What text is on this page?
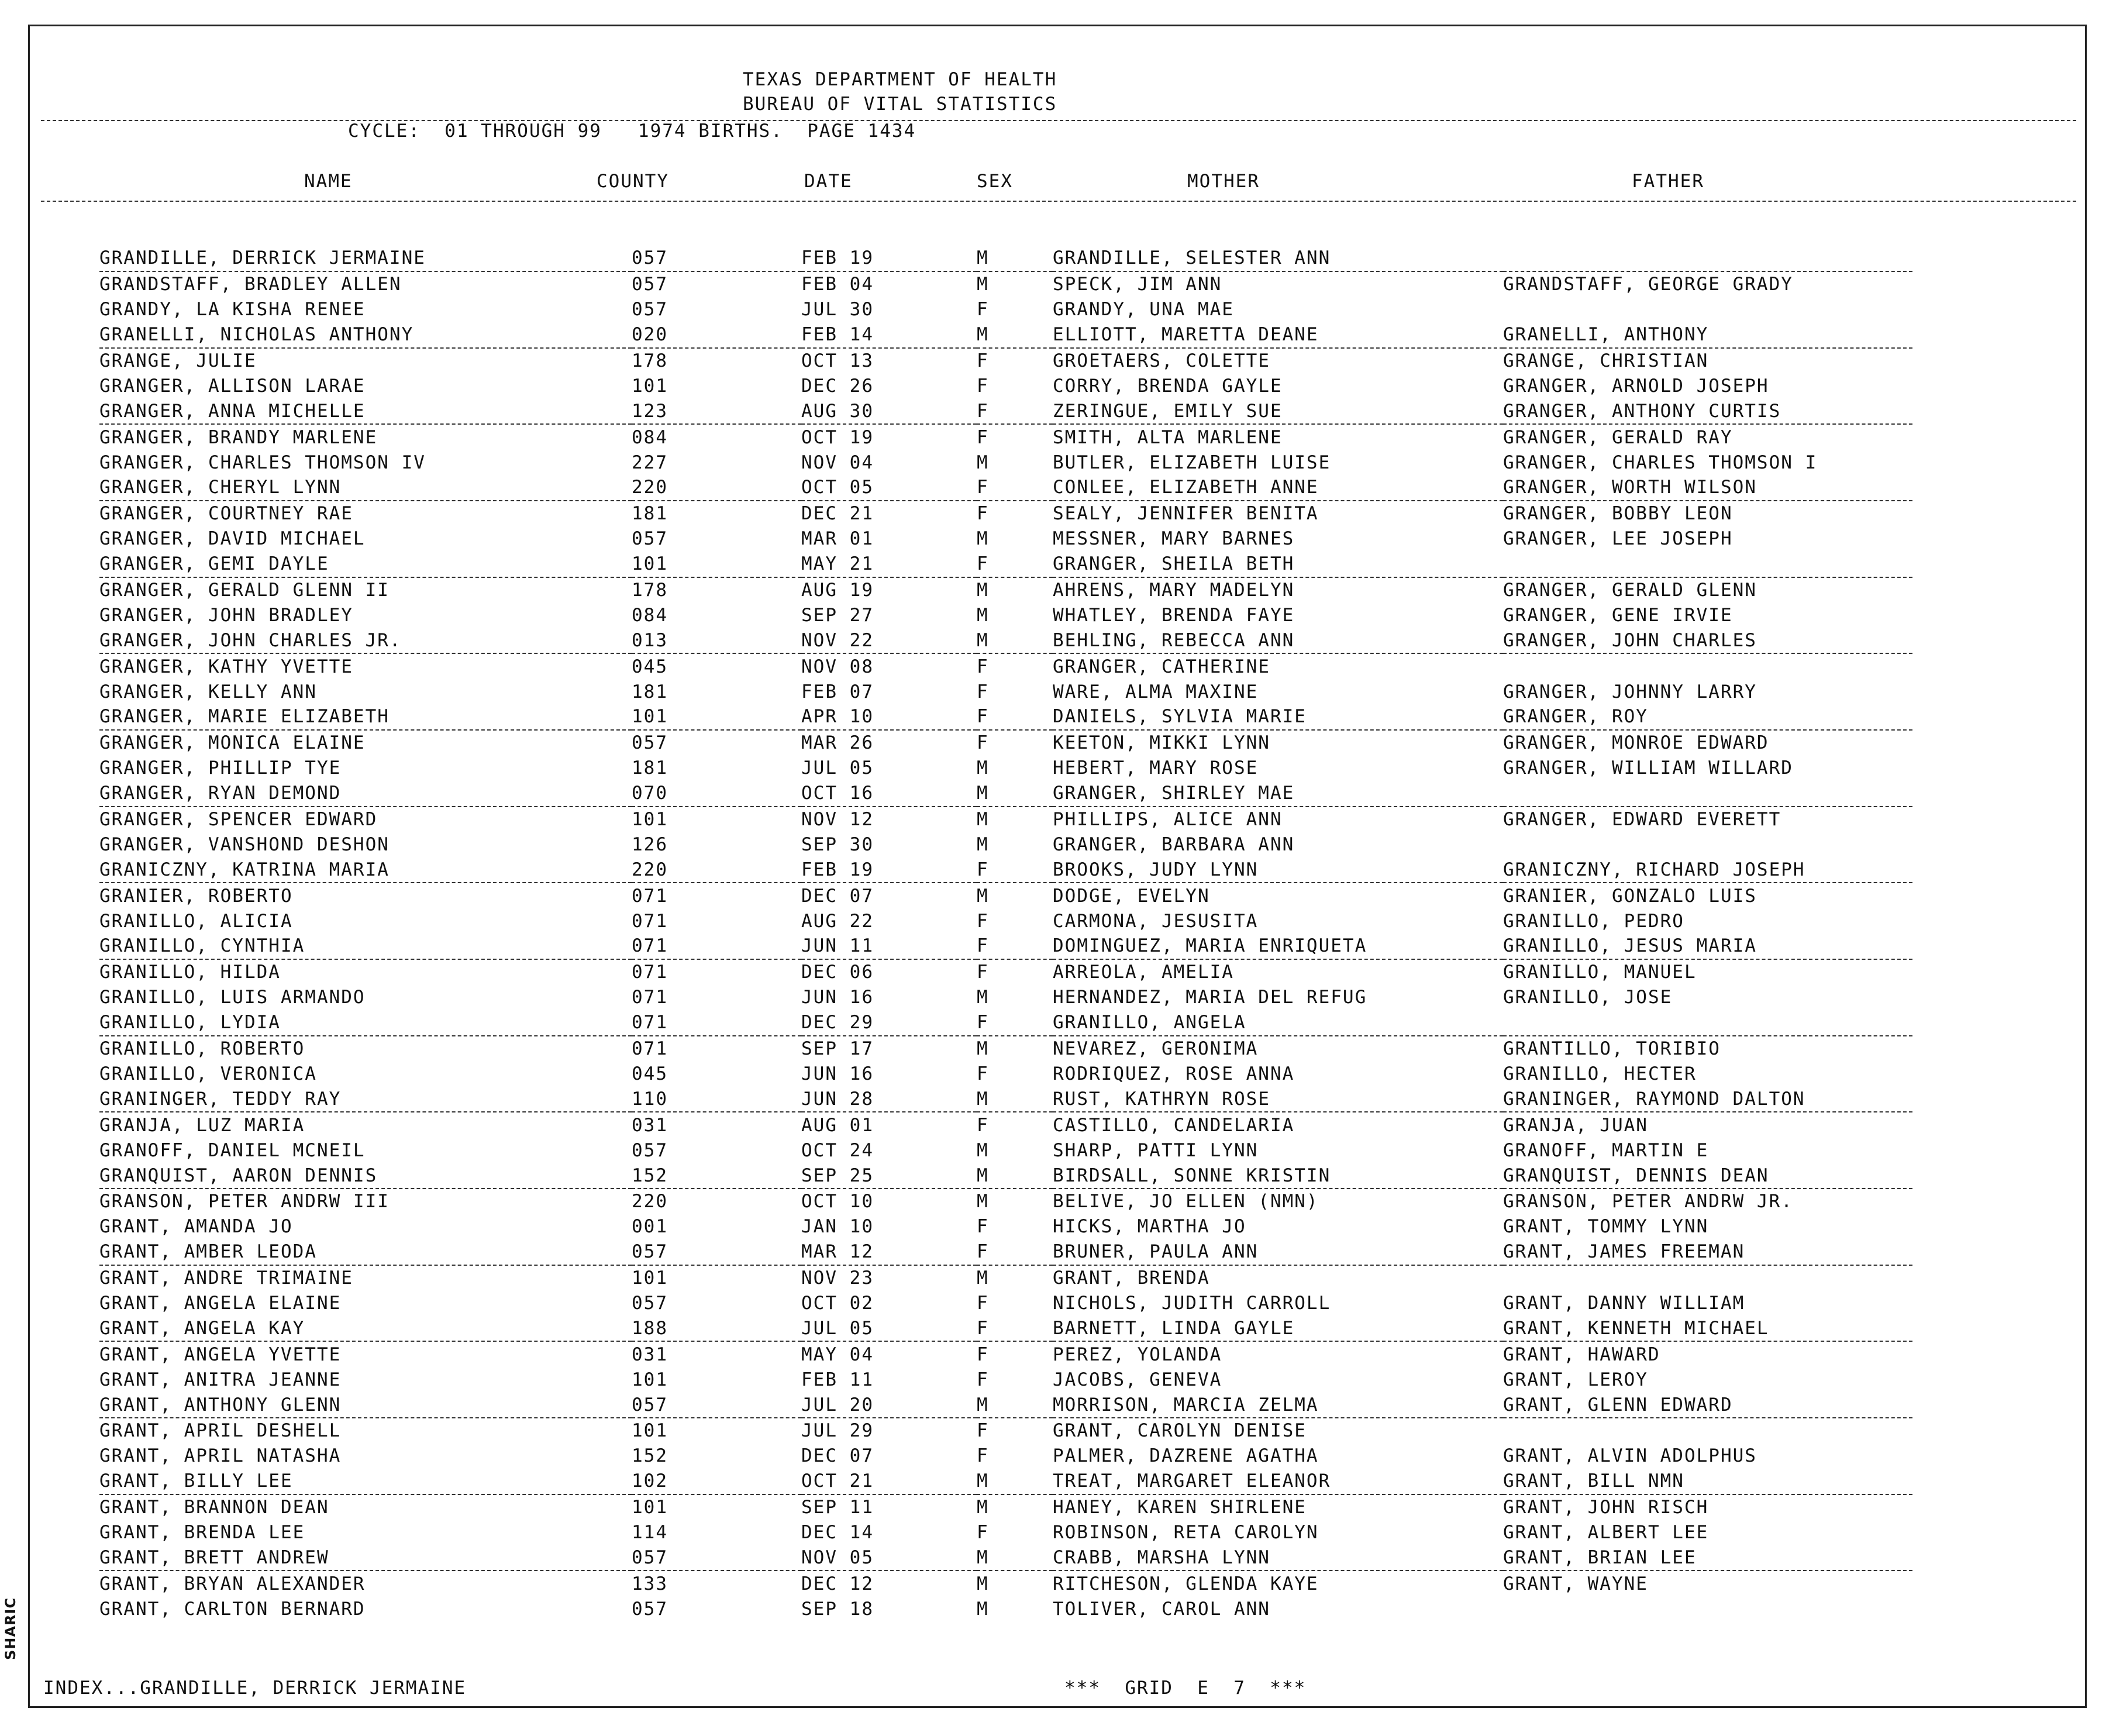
SHARIC
TEXAS DEPARTMENT OF HEALTH
BUREAU OF VITAL STATISTICS
CYCLE:  01 THROUGH 99   1974 BIRTHS.  PAGE 1434
NAME	COUNTY	DATE	SEX	MOTHER	FATHER
GRANDILLE, DERRICK JERMAINE	057	FEB 19	M	GRANDILLE, SELESTER ANN	
GRANDSTAFF, BRADLEY ALLEN	057	FEB 04	M	SPECK, JIM ANN	GRANDSTAFF, GEORGE GRADY
GRANDY, LA KISHA RENEE	057	JUL 30	F	GRANDY, UNA MAE	
GRANELLI, NICHOLAS ANTHONY	020	FEB 14	M	ELLIOTT, MARETTA DEANE	GRANELLI, ANTHONY
GRANGE, JULIE	178	OCT 13	F	GROETAERS, COLETTE	GRANGE, CHRISTIAN
GRANGER, ALLISON LARAE	101	DEC 26	F	CORRY, BRENDA GAYLE	GRANGER, ARNOLD JOSEPH
GRANGER, ANNA MICHELLE	123	AUG 30	F	ZERINGUE, EMILY SUE	GRANGER, ANTHONY CURTIS
GRANGER, BRANDY MARLENE	084	OCT 19	F	SMITH, ALTA MARLENE	GRANGER, GERALD RAY
GRANGER, CHARLES THOMSON IV	227	NOV 04	M	BUTLER, ELIZABETH LUISE	GRANGER, CHARLES THOMSON I
GRANGER, CHERYL LYNN	220	OCT 05	F	CONLEE, ELIZABETH ANNE	GRANGER, WORTH WILSON
GRANGER, COURTNEY RAE	181	DEC 21	F	SEALY, JENNIFER BENITA	GRANGER, BOBBY LEON
GRANGER, DAVID MICHAEL	057	MAR 01	M	MESSNER, MARY BARNES	GRANGER, LEE JOSEPH
GRANGER, GEMI DAYLE	101	MAY 21	F	GRANGER, SHEILA BETH	
GRANGER, GERALD GLENN II	178	AUG 19	M	AHRENS, MARY MADELYN	GRANGER, GERALD GLENN
GRANGER, JOHN BRADLEY	084	SEP 27	M	WHATLEY, BRENDA FAYE	GRANGER, GENE IRVIE
GRANGER, JOHN CHARLES JR.	013	NOV 22	M	BEHLING, REBECCA ANN	GRANGER, JOHN CHARLES
GRANGER, KATHY YVETTE	045	NOV 08	F	GRANGER, CATHERINE	
GRANGER, KELLY ANN	181	FEB 07	F	WARE, ALMA MAXINE	GRANGER, JOHNNY LARRY
GRANGER, MARIE ELIZABETH	101	APR 10	F	DANIELS, SYLVIA MARIE	GRANGER, ROY
GRANGER, MONICA ELAINE	057	MAR 26	F	KEETON, MIKKI LYNN	GRANGER, MONROE EDWARD
GRANGER, PHILLIP TYE	181	JUL 05	M	HEBERT, MARY ROSE	GRANGER, WILLIAM WILLARD
GRANGER, RYAN DEMOND	070	OCT 16	M	GRANGER, SHIRLEY MAE	
GRANGER, SPENCER EDWARD	101	NOV 12	M	PHILLIPS, ALICE ANN	GRANGER, EDWARD EVERETT
GRANGER, VANSHOND DESHON	126	SEP 30	M	GRANGER, BARBARA ANN	
GRANICZNY, KATRINA MARIA	220	FEB 19	F	BROOKS, JUDY LYNN	GRANICZNY, RICHARD JOSEPH
GRANIER, ROBERTO	071	DEC 07	M	DODGE, EVELYN	GRANIER, GONZALO LUIS
GRANILLO, ALICIA	071	AUG 22	F	CARMONA, JESUSITA	GRANILLO, PEDRO
GRANILLO, CYNTHIA	071	JUN 11	F	DOMINGUEZ, MARIA ENRIQUETA	GRANILLO, JESUS MARIA
GRANILLO, HILDA	071	DEC 06	F	ARREOLA, AMELIA	GRANILLO, MANUEL
GRANILLO, LUIS ARMANDO	071	JUN 16	M	HERNANDEZ, MARIA DEL REFUG	GRANILLO, JOSE
GRANILLO, LYDIA	071	DEC 29	F	GRANILLO, ANGELA	
GRANILLO, ROBERTO	071	SEP 17	M	NEVAREZ, GERONIMA	GRANTILLO, TORIBIO
GRANILLO, VERONICA	045	JUN 16	F	RODRIQUEZ, ROSE ANNA	GRANILLO, HECTER
GRANINGER, TEDDY RAY	110	JUN 28	M	RUST, KATHRYN ROSE	GRANINGER, RAYMOND DALTON
GRANJA, LUZ MARIA	031	AUG 01	F	CASTILLO, CANDELARIA	GRANJA, JUAN
GRANOFF, DANIEL MCNEIL	057	OCT 24	M	SHARP, PATTI LYNN	GRANOFF, MARTIN E
GRANQUIST, AARON DENNIS	152	SEP 25	M	BIRDSALL, SONNE KRISTIN	GRANQUIST, DENNIS DEAN
GRANSON, PETER ANDRW III	220	OCT 10	M	BELIVE, JO ELLEN (NMN)	GRANSON, PETER ANDRW JR.
GRANT, AMANDA JO	001	JAN 10	F	HICKS, MARTHA JO	GRANT, TOMMY LYNN
GRANT, AMBER LEODA	057	MAR 12	F	BRUNER, PAULA ANN	GRANT, JAMES FREEMAN
GRANT, ANDRE TRIMAINE	101	NOV 23	M	GRANT, BRENDA	
GRANT, ANGELA ELAINE	057	OCT 02	F	NICHOLS, JUDITH CARROLL	GRANT, DANNY WILLIAM
GRANT, ANGELA KAY	188	JUL 05	F	BARNETT, LINDA GAYLE	GRANT, KENNETH MICHAEL
GRANT, ANGELA YVETTE	031	MAY 04	F	PEREZ, YOLANDA	GRANT, HAWARD
GRANT, ANITRA JEANNE	101	FEB 11	F	JACOBS, GENEVA	GRANT, LEROY
GRANT, ANTHONY GLENN	057	JUL 20	M	MORRISON, MARCIA ZELMA	GRANT, GLENN EDWARD
GRANT, APRIL DESHELL	101	JUL 29	F	GRANT, CAROLYN DENISE	
GRANT, APRIL NATASHA	152	DEC 07	F	PALMER, DAZRENE AGATHA	GRANT, ALVIN ADOLPHUS
GRANT, BILLY LEE	102	OCT 21	M	TREAT, MARGARET ELEANOR	GRANT, BILL NMN
GRANT, BRANNON DEAN	101	SEP 11	M	HANEY, KAREN SHIRLENE	GRANT, JOHN RISCH
GRANT, BRENDA LEE	114	DEC 14	F	ROBINSON, RETA CAROLYN	GRANT, ALBERT LEE
GRANT, BRETT ANDREW	057	NOV 05	M	CRABB, MARSHA LYNN	GRANT, BRIAN LEE
GRANT, BRYAN ALEXANDER	133	DEC 12	M	RITCHESON, GLENDA KAYE	GRANT, WAYNE
GRANT, CARLTON BERNARD	057	SEP 18	M	TOLIVER, CAROL ANN	
INDEX...GRANDILLE, DERRICK JERMAINE	***  GRID  E  7  ***
